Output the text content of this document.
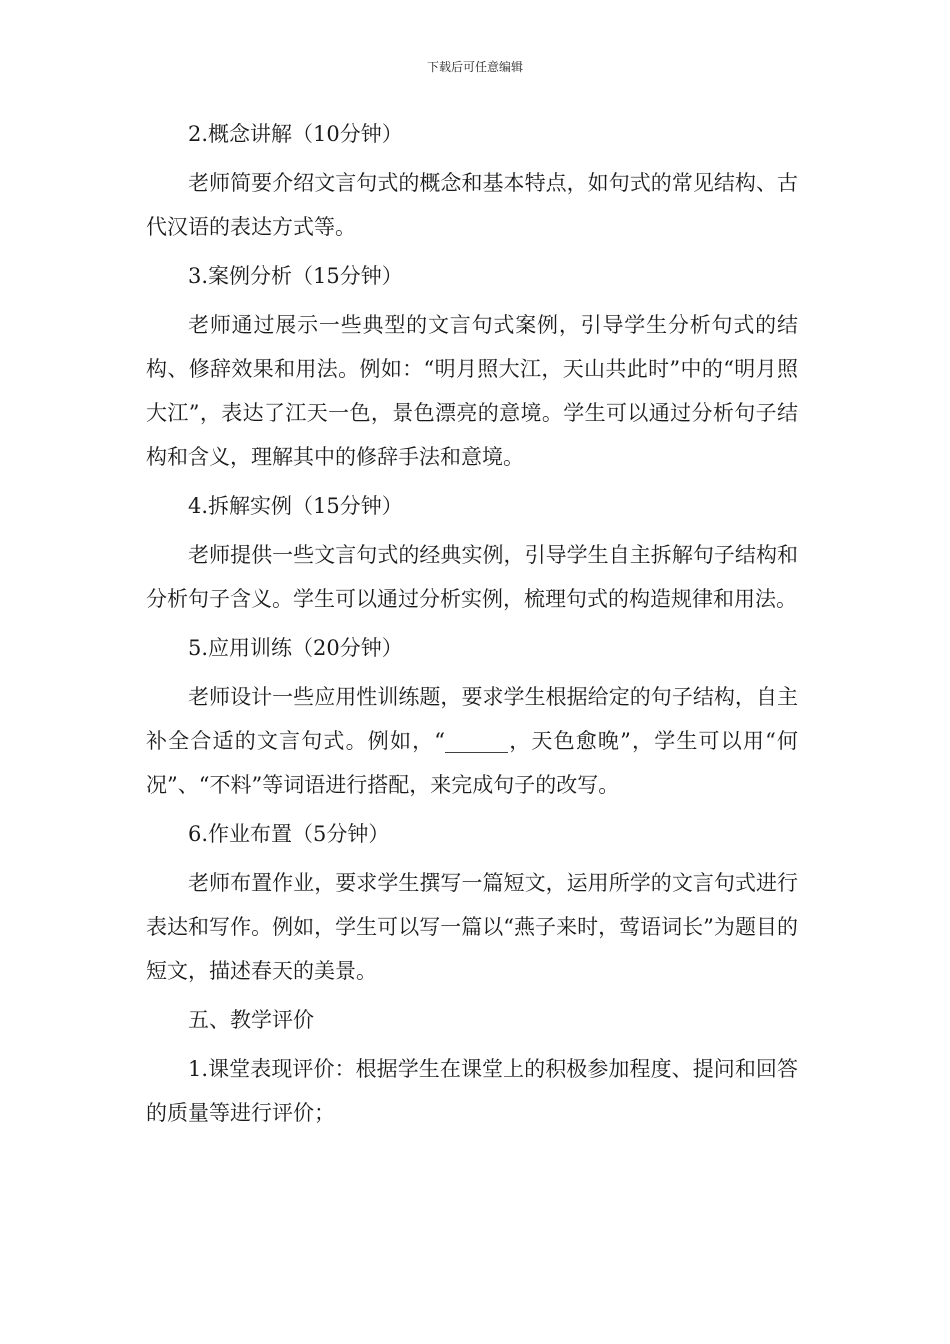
下载后可任意编辑

2.概念讲解（10分钟）

老师简要介绍文言句式的概念和基本特点，如句式的常见结构、古代汉语的表达方式等。

3.案例分析（15分钟）

老师通过展示一些典型的文言句式案例，引导学生分析句式的结构、修辞效果和用法。例如：“明月照大江，天山共此时”中的“明月照大江”，表达了江天一色，景色漂亮的意境。学生可以通过分析句子结构和含义，理解其中的修辞手法和意境。

4.拆解实例（15分钟）

老师提供一些文言句式的经典实例，引导学生自主拆解句子结构和分析句子含义。学生可以通过分析实例，梳理句式的构造规律和用法。

5.应用训练（20分钟）

老师设计一些应用性训练题，要求学生根据给定的句子结构，自主补全合适的文言句式。例如，“______，天色愈晚”，学生可以用“何况”、“不料”等词语进行搭配，来完成句子的改写。

6.作业布置（5分钟）

老师布置作业，要求学生撰写一篇短文，运用所学的文言句式进行表达和写作。例如，学生可以写一篇以“燕子来时，莺语词长”为题目的短文，描述春天的美景。

五、教学评价

1.课堂表现评价：根据学生在课堂上的积极参加程度、提问和回答的质量等进行评价；
